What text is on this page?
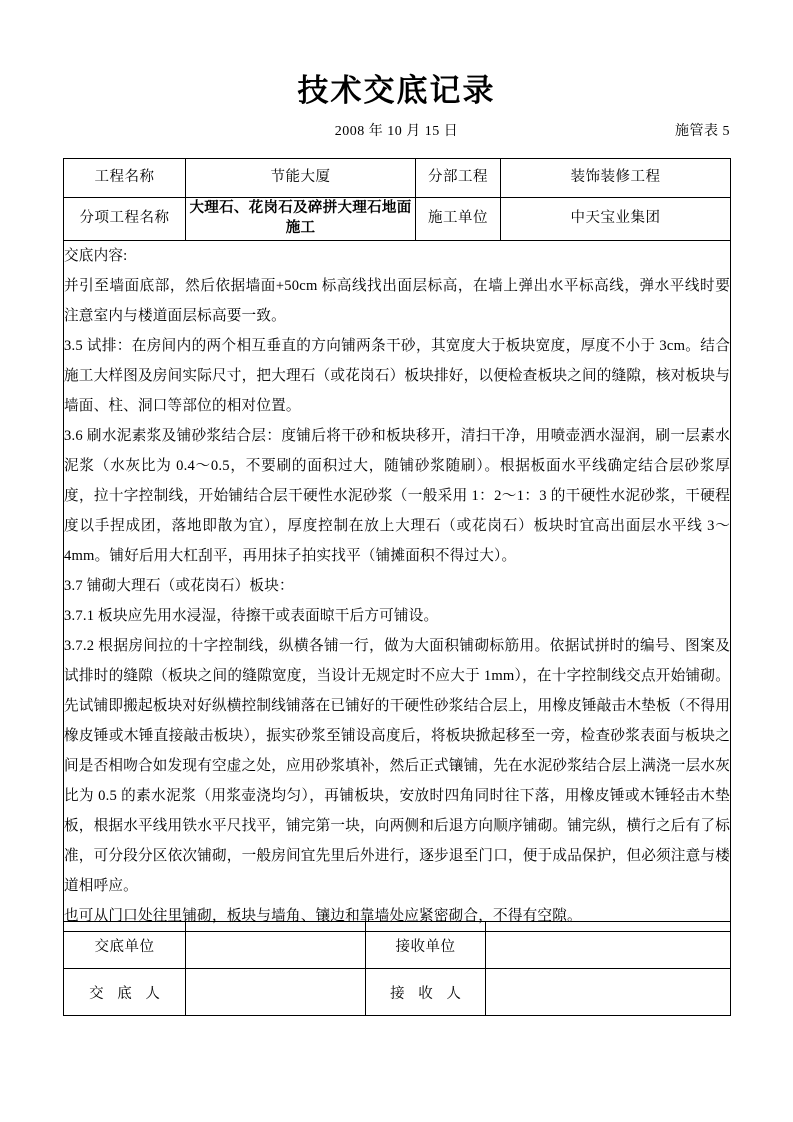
技术交底记录
2008 年 10 月 15 日	施管表 5
工程名称	节能大厦	分部工程	装饰装修工程
分项工程名称	大理石、花岗石及碎拼大理石地面施工	施工单位	中天宝业集团

交底内容:

并引至墙面底部，然后依据墙面+50cm 标高线找出面层标高，在墙上弹出水平标高线，弹水平线时要注意室内与楼道面层标高要一致。

3.5 试排：在房间内的两个相互垂直的方向铺两条干砂，其宽度大于板块宽度，厚度不小于 3cm。结合施工大样图及房间实际尺寸，把大理石（或花岗石）板块排好，以便检查板块之间的缝隙，核对板块与墙面、柱、洞口等部位的相对位置。

3.6 刷水泥素浆及铺砂浆结合层：度铺后将干砂和板块移开，清扫干净，用喷壶洒水湿润，刷一层素水泥浆（水灰比为 0.4～0.5，不要刷的面积过大，随铺砂浆随刷）。根据板面水平线确定结合层砂浆厚度，拉十字控制线，开始铺结合层干硬性水泥砂浆（一般采用 1：2～1：3 的干硬性水泥砂浆，干硬程度以手捏成团，落地即散为宜），厚度控制在放上大理石（或花岗石）板块时宜高出面层水平线 3～4mm。铺好后用大杠刮平，再用抹子拍实找平（铺摊面积不得过大）。

3.7 铺砌大理石（或花岗石）板块：

3.7.1 板块应先用水浸湿，待擦干或表面晾干后方可铺设。

3.7.2 根据房间拉的十字控制线，纵横各铺一行，做为大面积铺砌标筋用。依据试拼时的编号、图案及试排时的缝隙（板块之间的缝隙宽度，当设计无规定时不应大于 1mm），在十字控制线交点开始铺砌。先试铺即搬起板块对好纵横控制线铺落在已铺好的干硬性砂浆结合层上，用橡皮锤敲击木垫板（不得用橡皮锤或木锤直接敲击板块），振实砂浆至铺设高度后，将板块掀起移至一旁，检查砂浆表面与板块之间是否相吻合如发现有空虚之处，应用砂浆填补，然后正式镶铺，先在水泥砂浆结合层上满浇一层水灰比为 0.5 的素水泥浆（用浆壶浇均匀），再铺板块，安放时四角同时往下落，用橡皮锤或木锤轻击木垫板，根据水平线用铁水平尺找平，铺完第一块，向两侧和后退方向顺序铺砌。铺完纵，横行之后有了标准，可分段分区依次铺砌，一般房间宜先里后外进行，逐步退至门口，便于成品保护，但必须注意与楼道相呼应。

也可从门口处往里铺砌，板块与墙角、镶边和靠墙处应紧密砌合，不得有空隙。

交底单位		接收单位	
交 底 人		接 收 人	
